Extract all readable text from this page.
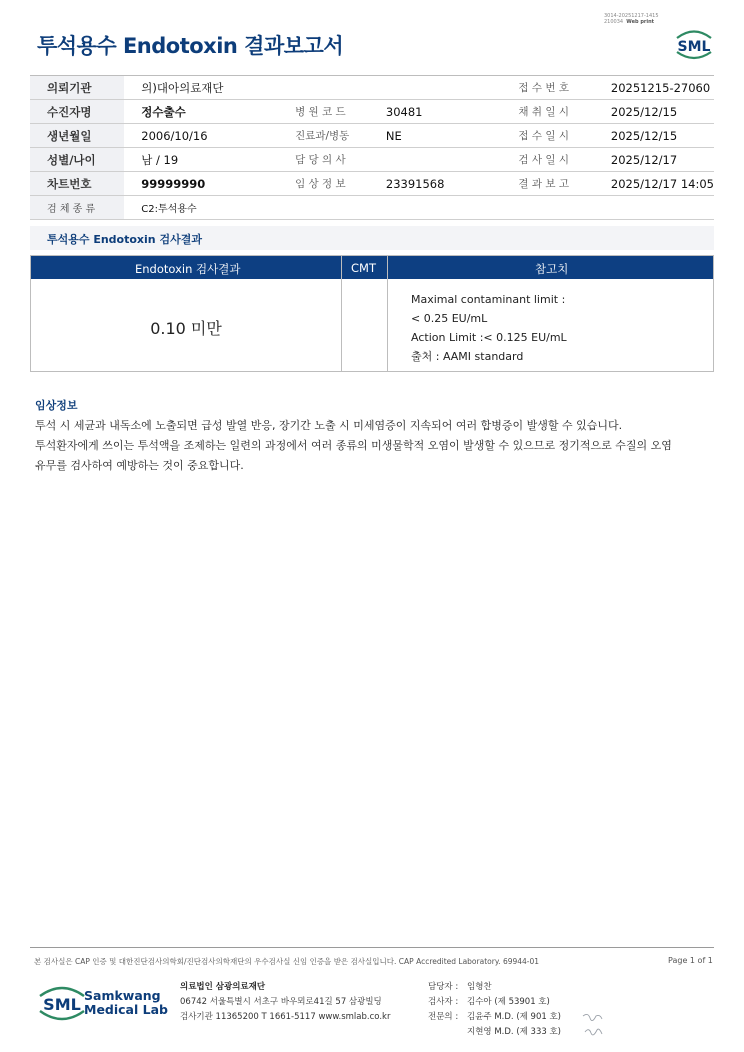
투석용수 Endotoxin 결과보고서
3014-20251217-1415
210034 Web print
SML
의뢰기관	의)대아의료재단			접 수 번 호	20251215-27060
수진자명	정수출수	병 원 코 드	30481	채 취 일 시	2025/12/15
생년월일	2006/10/16	진료과/병동	NE	접 수 일 시	2025/12/15
성별/나이	남 / 19	담 당 의 사		검 사 일 시	2025/12/17
차트번호	99999990	임 상 정 보	23391568	결 과 보 고	2025/12/17 14:05
검 체 종 류	C2:투석용수				
투석용수 Endotoxin 검사결과
Endotoxin 검사결과	CMT	참고치
0.10 미만
Maximal contaminant limit :
< 0.25 EU/mL
Action Limit :< 0.125 EU/mL
출처 : AAMI standard
임상정보
투석 시 세균과 내독소에 노출되면 급성 발열 반응, 장기간 노출 시 미세염증이 지속되어 여러 합병증이 발생할 수 있습니다.
투석환자에게 쓰이는 투석액을 조제하는 일련의 과정에서 여러 종류의 미생물학적 오염이 발생할 수 있으므로 정기적으로 수질의 오염
유무를 검사하여 예방하는 것이 중요합니다.
본 검사실은 CAP 인증 및 대한진단검사의학회/진단검사의학재단의 우수검사실 신임 인증을 받은 검사실입니다. CAP Accredited Laboratory. 69944-01	Page 1 of 1
SML Samkwang
Medical Lab
의료법인 삼광의료재단
06742 서울특별시 서초구 바우뫼로41길 57 삼광빌딩
검사기관 11365200 T 1661-5117 www.smlab.co.kr
담당자 : 임형찬
검사자 : 김수아 (제 53901 호)
전문의 : 김윤주 M.D. (제 901 호)
지현영 M.D. (제 333 호)
